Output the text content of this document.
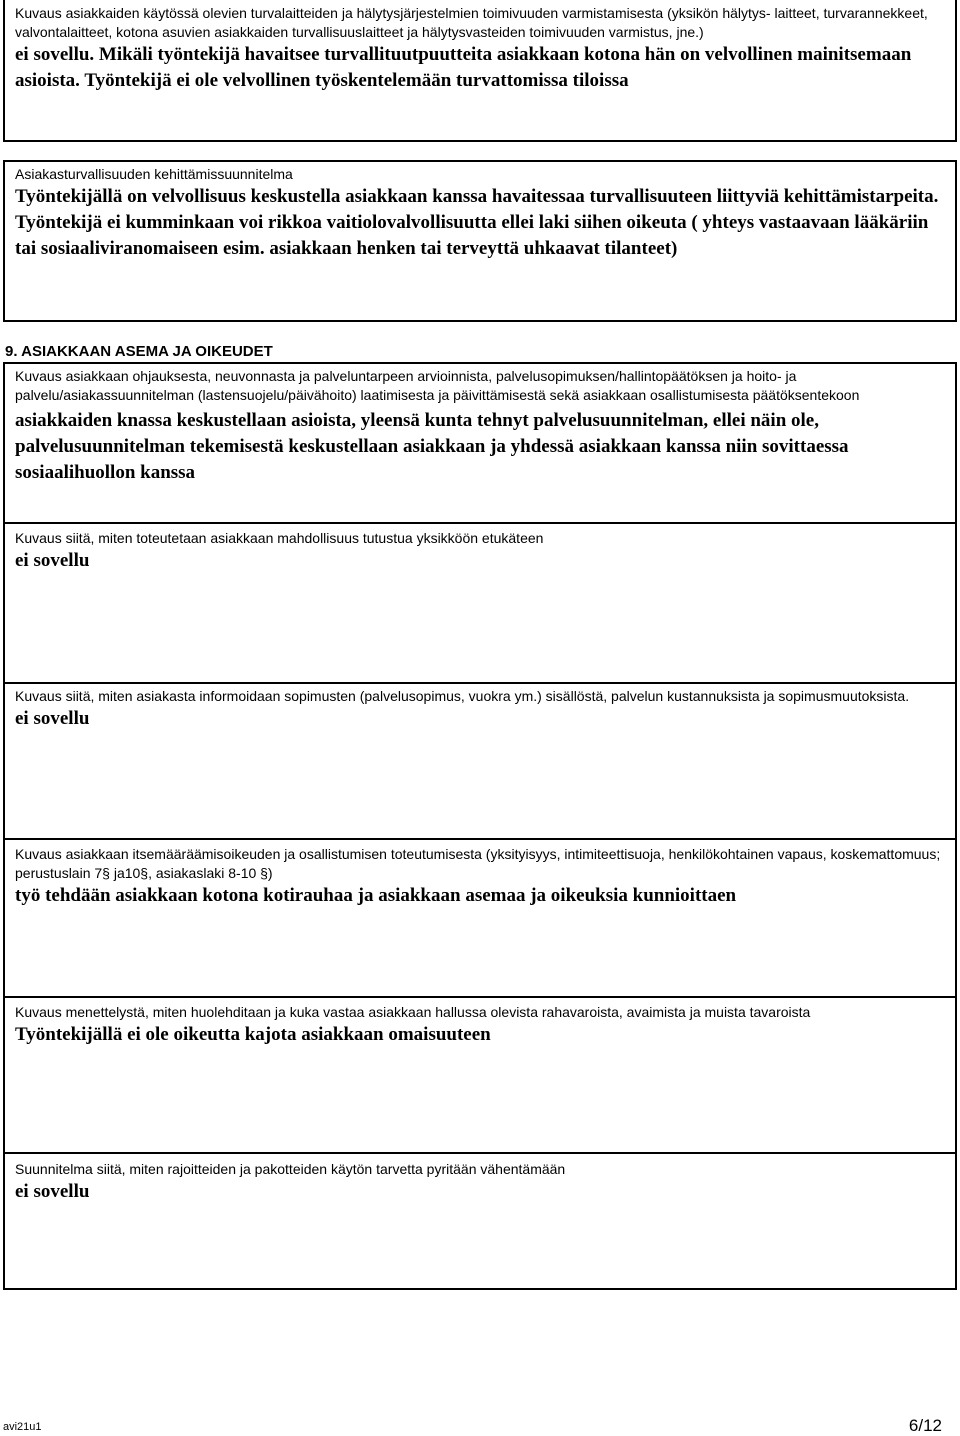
Kuvaus asiakkaiden käytössä olevien turvalaitteiden ja hälytysjärjestelmien toimivuuden varmistamisesta (yksikön hälytys- laitteet, turvarannekkeet, valvontalaitteet, kotona asuvien asiakkaiden turvallisuuslaitteet ja hälytysvasteiden toimivuuden varmistus, jne.)

ei sovellu. Mikäli työntekijä havaitsee turvallituutpuutteita asiakkaan kotona hän on velvollinen mainitsemaan asioista. Työntekijä ei ole velvollinen työskentelemään turvattomissa tiloissa

Asiakasturvallisuuden kehittämissuunnitelma

Työntekijällä on velvollisuus keskustella asiakkaan kanssa havaitessaa turvallisuuteen liittyviä kehittämistarpeita. Työntekijä ei kumminkaan voi rikkoa vaitiolovalvollisuutta ellei laki siihen oikeuta ( yhteys vastaavaan lääkäriin tai sosiaaliviranomaiseen esim. asiakkaan henken tai terveyttä uhkaavat tilanteet)

9. ASIAKKAAN ASEMA JA OIKEUDET

Kuvaus asiakkaan ohjauksesta, neuvonnasta ja palveluntarpeen arvioinnista, palvelusopimuksen/hallintopäätöksen ja hoito- ja palvelu/asiakassuunnitelman (lastensuojelu/päivähoito) laatimisesta ja päivittämisestä sekä asiakkaan osallistumisesta päätöksentekoon

asiakkaiden knassa keskustellaan asioista, yleensä kunta tehnyt palvelusuunnitelman, ellei näin ole, palvelusuunnitelman tekemisestä keskustellaan asiakkaan ja yhdessä asiakkaan kanssa niin sovittaessa sosiaalihuollon kanssa

Kuvaus siitä, miten toteutetaan asiakkaan mahdollisuus tutustua yksikköön etukäteen

ei sovellu

Kuvaus siitä, miten asiakasta informoidaan sopimusten (palvelusopimus, vuokra ym.) sisällöstä, palvelun kustannuksista ja sopimusmuutoksista.

ei sovellu

Kuvaus asiakkaan itsemääräämisoikeuden ja osallistumisen toteutumisesta (yksityisyys, intimiteettisuoja, henkilökohtainen vapaus, koskemattomuus; perustuslain 7§ ja10§, asiakaslaki 8-10 §)

työ tehdään asiakkaan kotona kotirauhaa ja asiakkaan asemaa ja oikeuksia kunnioittaen

Kuvaus menettelystä, miten huolehditaan ja kuka vastaa asiakkaan hallussa olevista rahavaroista, avaimista ja muista tavaroista

Työntekijällä ei ole oikeutta kajota asiakkaan omaisuuteen

Suunnitelma siitä, miten rajoitteiden ja pakotteiden käytön tarvetta pyritään vähentämään

ei sovellu

avi21u1	6/12
